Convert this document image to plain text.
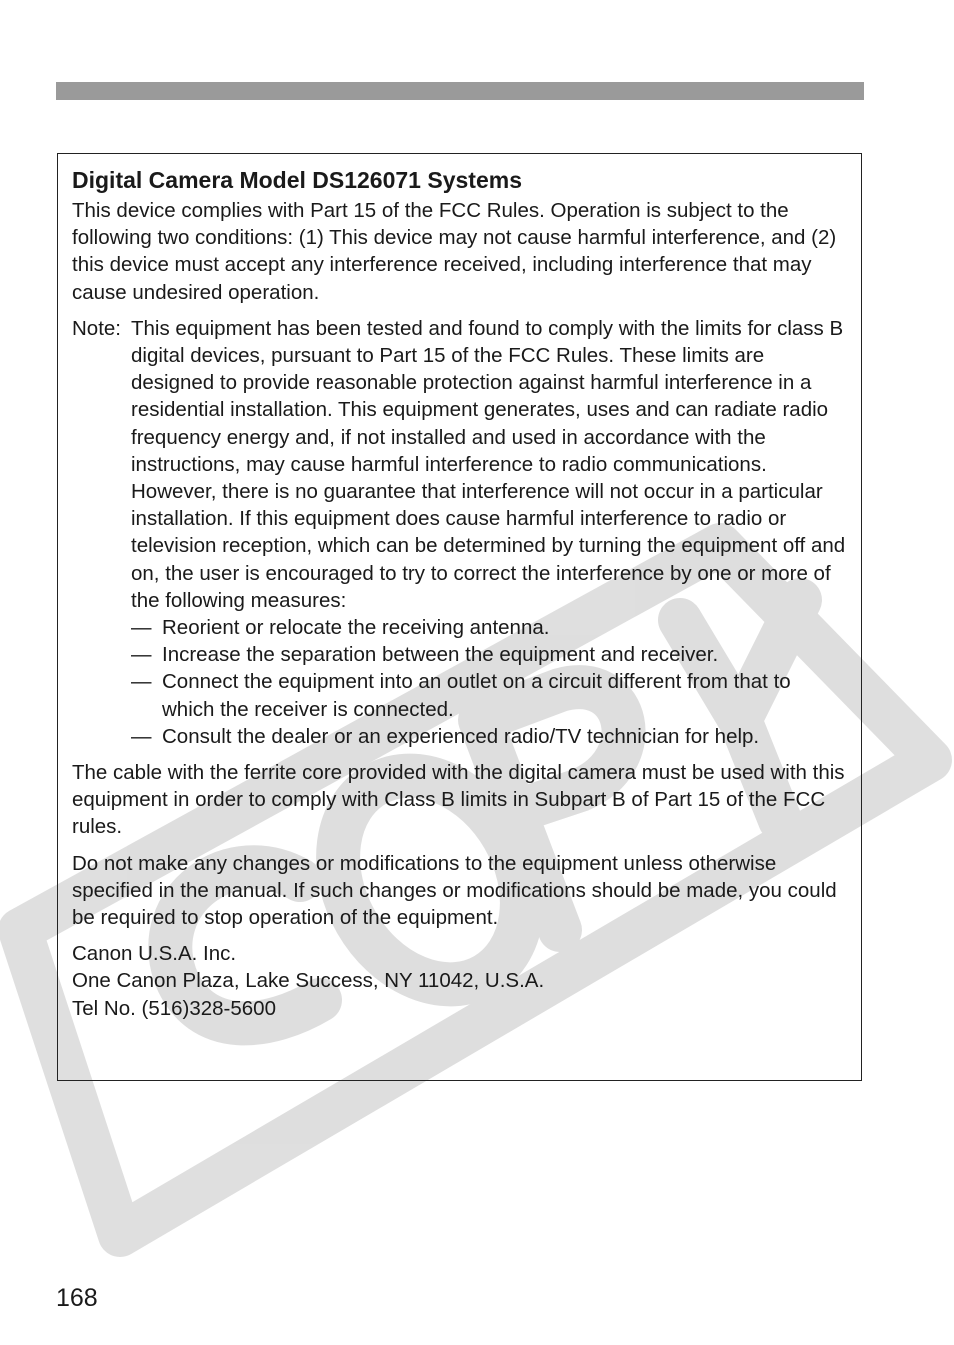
Digital Camera Model DS126071 Systems

This device complies with Part 15 of the FCC Rules. Operation is subject to the following two conditions: (1) This device may not cause harmful interference, and (2) this device must accept any interference received, including interference that may cause undesired operation.

Note: This equipment has been tested and found to comply with the limits for class B digital devices, pursuant to Part 15 of the FCC Rules. These limits are designed to provide reasonable protection against harmful interference in a residential installation. This equipment generates, uses and can radiate radio frequency energy and, if not installed and used in accordance with the instructions, may cause harmful interference to radio communications. However, there is no guarantee that interference will not occur in a particular installation. If this equipment does cause harmful interference to radio or television reception, which can be determined by turning the equipment off and on, the user is encouraged to try to correct the interference by one or more of the following measures:
— Reorient or relocate the receiving antenna.
— Increase the separation between the equipment and receiver.
— Connect the equipment into an outlet on a circuit different from that to which the receiver is connected.
— Consult the dealer or an experienced radio/TV technician for help.

The cable with the ferrite core provided with the digital camera must be used with this equipment in order to comply with Class B limits in Subpart B of Part 15 of the FCC rules.

Do not make any changes or modifications to the equipment unless otherwise specified in the manual. If such changes or modifications should be made, you could be required to stop operation of the equipment.

Canon U.S.A. Inc.
One Canon Plaza, Lake Success, NY 11042, U.S.A.
Tel No. (516)328-5600
168
